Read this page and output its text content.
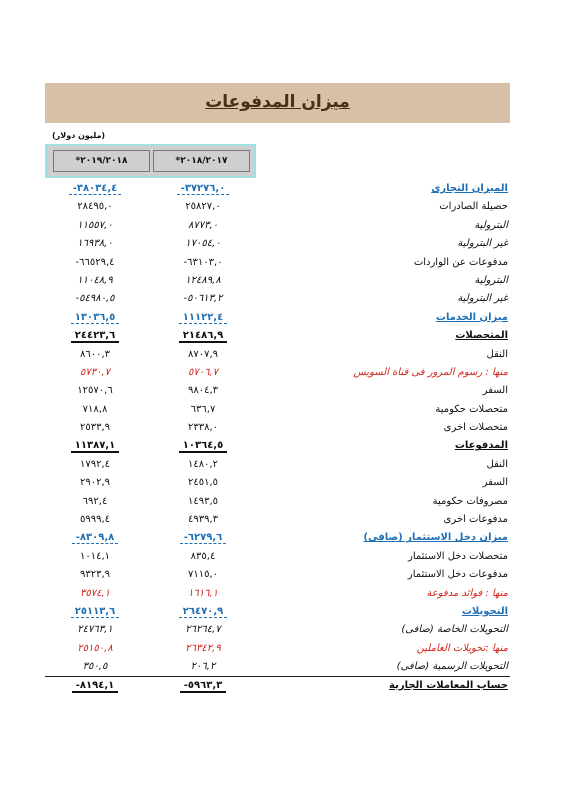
ميزان المدفوعات
(مليون دولار)
*۲۰۱۹/۲۰۱۸	*۲۰۱۸/۲۰۱۷
-۳۸۰۳٤,٤	-۳۷۲۷٦,۰	الميزان التجارى
۲۸٤۹٥,۰	۲٥۸۲۷,۰	حصيلة الصادرات
۱۱٥٥۷,۰	۸۷۷۳,۰	البترولية
۱٦۹۳۸,۰	۱۷۰٥٤,۰	غير البترولية
-٦٦٥۲۹,٤	-٦۳۱۰۳,۰	مدفوعات عن الواردات
۱۱۰٤۸,۹	۱۲٤۸۹,۸	البترولية
-٥٤۹۸۰,٥	-٥۰٦۱۳,۲	غير البترولية
۱۳۰۳٦,٥	۱۱۱۲۲,٤	ميزان الخدمات
۲٤٤۲۳,٦	۲۱٤۸٦,۹	المتحصلات
۸٦۰۰,۳	۸۷۰۷,۹	النقل
٥۷۳۰,۷	٥۷۰٦,۷	منها : رسوم المرور فى قناة السويس
۱۲٥۷۰,٦	۹۸۰٤,۳	السفر
۷۱۸,۸	٦۳٦,۷	متحصلات حكومية
۲٥۳۳,۹	۲۳۳۸,۰	متحصلات اخرى
۱۱۳۸۷,۱	۱۰۳٦٤,٥	المدفوعات
۱۷۹۲,٤	۱٤۸۰,۲	النقل
۲۹۰۲,۹	۲٤٥۱,٥	السفر
٦۹۲,٤	۱٤۹۳,٥	مصروفات حكومية
٥۹۹۹,٤	٤۹۳۹,۳	مدفوعات اخرى
-۸۳۰۹,۸	-٦۲۷۹,٦	ميزان دخل الاستثمار (صافى)
۱۰۱٤,۱	۸۳٥,٤	متحصلات دخل الاستثمار
۹۳۲۳,۹	۷۱۱٥,۰	مدفوعات دخل الاستثمار
۳٥۷٤,۱	۱٦۱٦,۱	منها : فوائد مدفوعة
۲٥۱۱۳,٦	۲٦٤۷۰,۹	التحويلات
۲٤۷٦۳,۱	۲٦٢٦٤,۷	التحويلات الخاصة (صافى)
۲٥۱٥۰,۸	۲٦۳٤۲,۹	منها :تحويلات العاملين
۳٥۰,٥	۲۰٦,۲	التحويلات الرسمية (صافى)
-۸۱۹٤,۱	-٥۹٦۳,۳	حساب المعاملات الجارية
